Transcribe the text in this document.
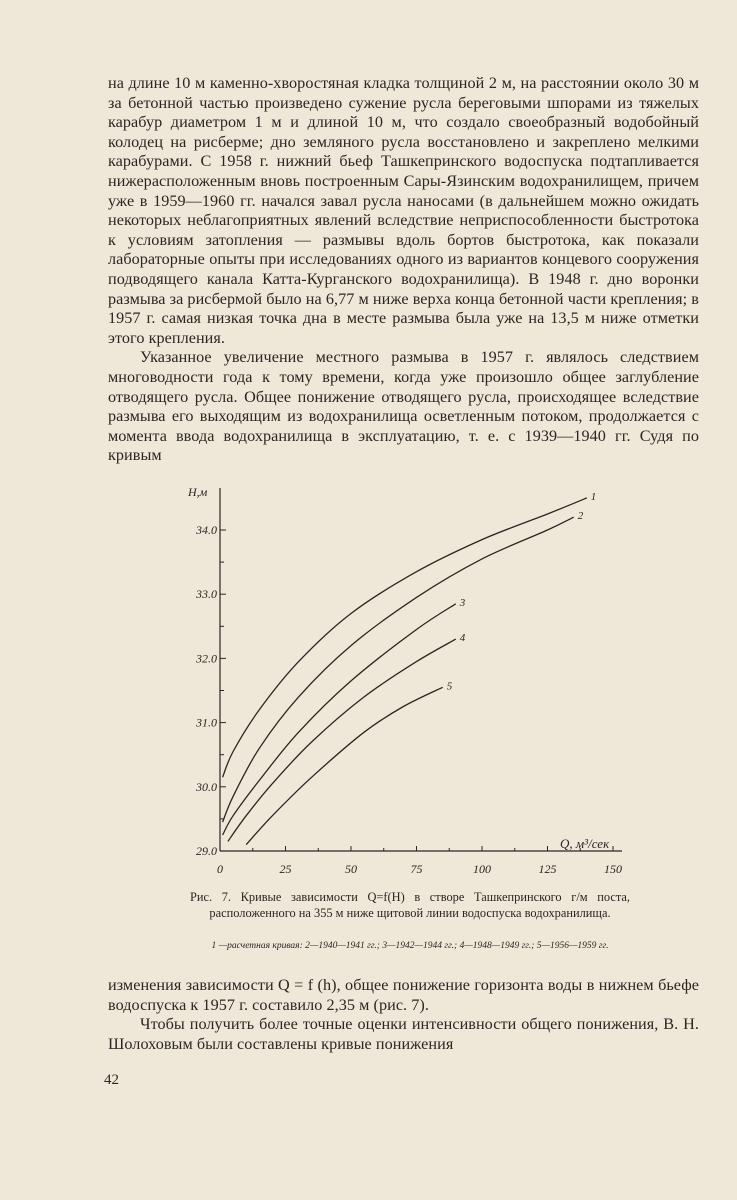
на длине 10 м каменно-хворостяная кладка толщиной 2 м, на расстоянии около 30 м за бетонной частью произведено сужение русла береговыми шпорами из тяжелых карабур диаметром 1 м и длиной 10 м, что создало своеобразный водобойный колодец на рисберме; дно земляного русла восстановлено и закреплено мелкими карабурами. С 1958 г. нижний бьеф Ташкепринского водоспуска подтапливается нижерасположенным вновь построенным Сары-Язинским водохранилищем, причем уже в 1959—1960 гг. начался завал русла наносами (в дальнейшем можно ожидать некоторых неблагоприятных явлений вследствие неприспособленности быстротока к условиям затопления — размывы вдоль бортов быстротока, как показали лабораторные опыты при исследованиях одного из вариантов концевого сооружения подводящего канала Катта-Курганского водохранилища). В 1948 г. дно воронки размыва за рисбермой было на 6,77 м ниже верха конца бетонной части крепления; в 1957 г. самая низкая точка дна в месте размыва была уже на 13,5 м ниже отметки этого крепления.

Указанное увеличение местного размыва в 1957 г. являлось следствием многоводности года к тому времени, когда уже произошло общее заглубление отводящего русла. Общее понижение отводящего русла, происходящее вследствие размыва его выходящим из водохранилища осветленным потоком, продолжается с момента ввода водохранилища в эксплуатацию, т. е. с 1939—1940 гг. Судя по кривым

29.0
30.0
31.0
32.0
33.0
34.0
0	25	50	75	100	125	150
H,м
Q, м³/сек
1
2
3
4
5
Рис. 7. Кривые зависимости Q=f(H) в створе Ташкепринского г/м поста, расположенного на 355 м ниже щитовой линии водоспуска водохранилища.
1 —расчетная кривая: 2—1940—1941 гг.; 3—1942—1944 гг.; 4—1948—1949 гг.; 5—1956—1959 гг.

изменения зависимости Q = f (h), общее понижение горизонта воды в нижнем бьефе водоспуска к 1957 г. составило 2,35 м (рис. 7).

Чтобы получить более точные оценки интенсивности общего понижения, В. Н. Шолоховым были составлены кривые понижения

42
